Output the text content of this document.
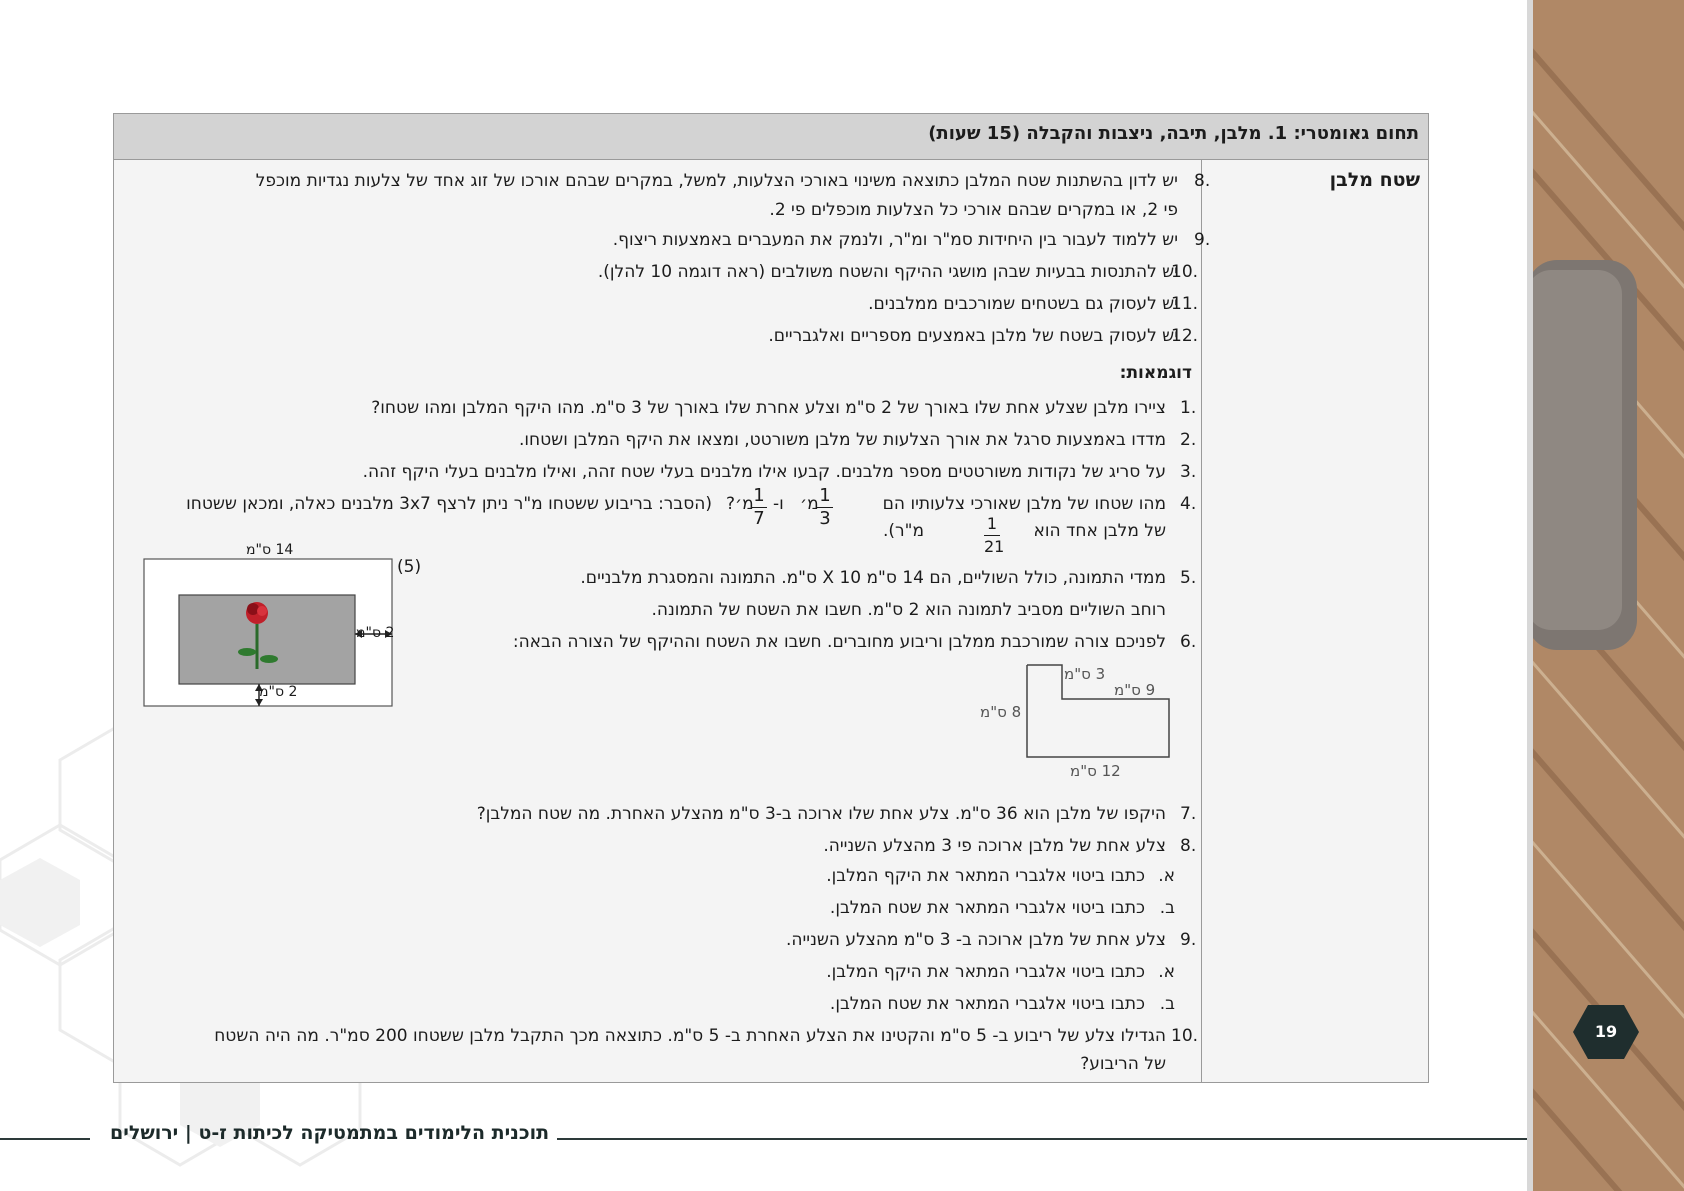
תחום גאומטרי: 1. מלבן, תיבה, ניצבות והקבלה (15 שעות)
שטח מלבן
8.
יש לדון בהשתנות שטח המלבן כתוצאה משינוי באורכי הצלעות, למשל, במקרים שבהם אורכו של זוג אחד של צלעות נגדיות מוכפל
פי 2, או במקרים שבהם אורכי כל הצלעות מוכפלים פי 2.
9.
יש ללמוד לעבור בין היחידות סמ"ר ומ"ר, ולנמק את המעברים באמצעות ריצוף.
10.
יש להתנסות בבעיות שבהן מושגי ההיקף והשטח משולבים (ראה דוגמה 10 להלן).
11.
יש לעסוק גם בשטחים שמורכבים ממלבנים.
12.
יש לעסוק בשטח של מלבן באמצעים מספריים ואלגבריים.
דוגמאות:
1.
ציירו מלבן שצלע אחת שלו באורך של 2 ס"מ וצלע אחרת שלו באורך של 3 ס"מ. מהו היקף המלבן ומהו שטחו?
2.
מדדו באמצעות סרגל את אורך הצלעות של מלבן משורטט, ומצאו את היקף המלבן ושטחו.
3.
על סריג של נקודות משורטטים מספר מלבנים. קבעו אילו מלבנים בעלי שטח זהה, ואילו מלבנים בעלי היקף זהה.
4.
מהו שטחו של מלבן שאורכי צלעותיו הם
1
3
מ׳
ו-
1
7
מ׳?
(הסבר: בריבוע ששטחו מ"ר ניתן לרצף 3x7 מלבנים כאלה, ומכאן ששטחו
של מלבן אחד הוא
1
21
מ"ר).
5.
ממדי התמונה, כולל השוליים, הם 14 ס"מ X 10 ס"מ. התמונה והמסגרת מלבניים.
רוחב השוליים מסביב לתמונה הוא 2 ס"מ. חשבו את השטח של התמונה.
6.
לפניכם צורה שמורכבת ממלבן וריבוע מחוברים. חשבו את השטח וההיקף של הצורה הבאה:
7.
היקפו של מלבן הוא 36 ס"מ. צלע אחת שלו ארוכה ב-3 ס"מ מהצלע האחרת. מה שטח המלבן?
8.
צלע אחת של מלבן ארוכה פי 3 מהצלע השנייה.
א.
כתבו ביטוי אלגברי המתאר את היקף המלבן.
ב.
כתבו ביטוי אלגברי המתאר את שטח המלבן.
9.
צלע אחת של מלבן ארוכה ב- 3 ס"מ מהצלע השנייה.
א.
כתבו ביטוי אלגברי המתאר את היקף המלבן.
ב.
כתבו ביטוי אלגברי המתאר את שטח המלבן.
10.
הגדילו צלע של ריבוע ב- 5 ס"מ והקטינו את הצלע האחרת ב- 5 ס"מ. כתוצאה מכך התקבל מלבן ששטחו 200 סמ"ר. מה היה השטח
של הריבוע?
(5)
14 ס"מ
2 ס"מ
2 ס"מ
3 ס"מ
9 ס"מ
8 ס"מ
12 ס"מ
תוכנית הלימודים במתמטיקה לכיתות ז-ט | ירושלים
19
